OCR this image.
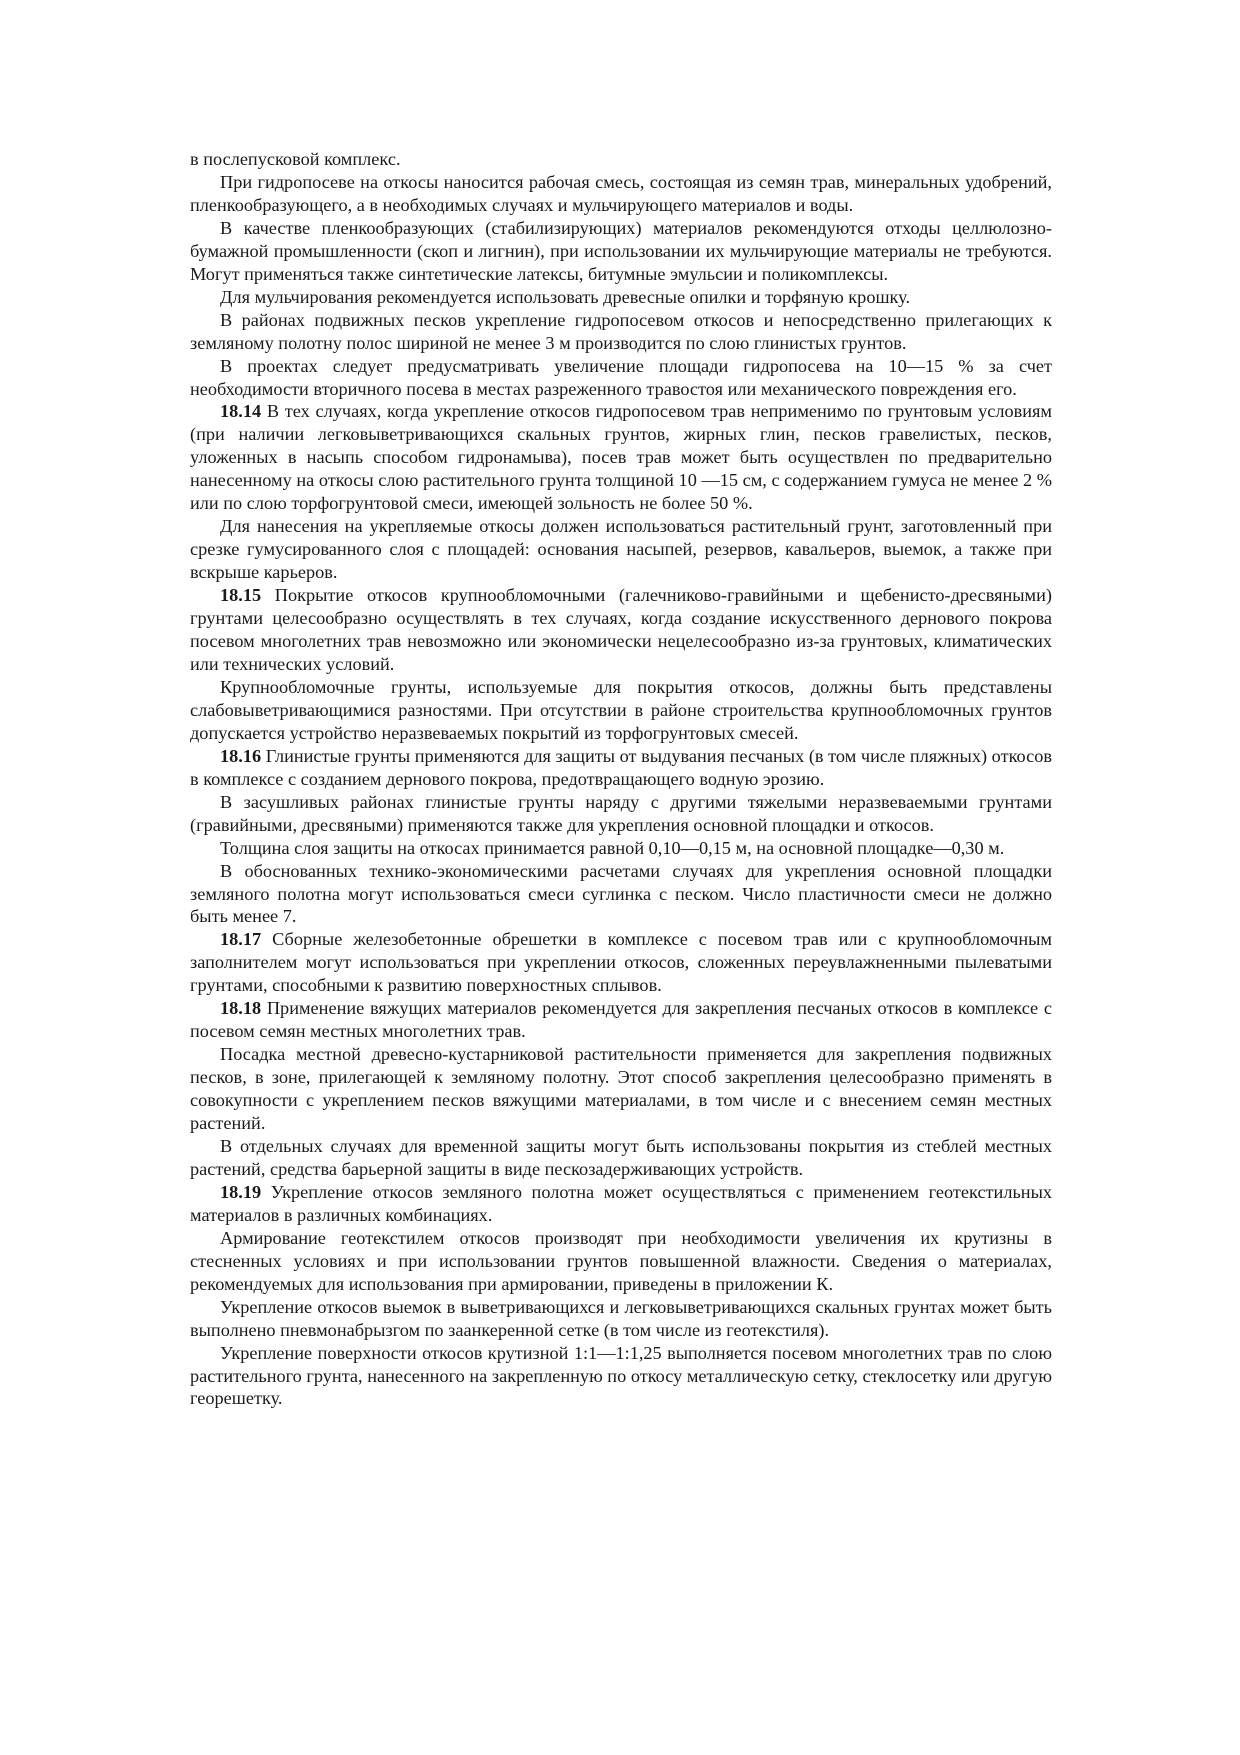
в послепусковой комплекс.

При гидропосеве на откосы наносится рабочая смесь, состоящая из семян трав, минеральных удобрений, пленкообразующего, а в необходимых случаях и мульчирующего материалов и воды.

В качестве пленкообразующих (стабилизирующих) материалов рекомендуются отходы целлюлозно-бумажной промышленности (скоп и лигнин), при использовании их мульчирующие материалы не требуются. Могут применяться также синтетические латексы, битумные эмульсии и поликомплексы.

Для мульчирования рекомендуется использовать древесные опилки и торфяную крошку.

В районах подвижных песков укрепление гидропосевом откосов и непосредственно прилегающих к земляному полотну полос шириной не менее 3 м производится по слою глинистых грунтов.

В проектах следует предусматривать увеличение площади гидропосева на 10—15 % за счет необходимости вторичного посева в местах разреженного травостоя или механического повреждения его.

18.14 В тех случаях, когда укрепление откосов гидропосевом трав неприменимо по грунтовым условиям (при наличии легковыветривающихся скальных грунтов, жирных глин, песков гравелистых, песков, уложенных в насыпь способом гидронамыва), посев трав может быть осуществлен по предварительно нанесенному на откосы слою растительного грунта толщиной 10 —15 см, с содержанием гумуса не менее 2 % или по слою торфогрунтовой смеси, имеющей зольность не более 50 %.

Для нанесения на укрепляемые откосы должен использоваться растительный грунт, заготовленный при срезке гумусированного слоя с площадей: основания насыпей, резервов, кавальеров, выемок, а также при вскрыше карьеров.

18.15 Покрытие откосов крупнообломочными (галечниково-гравийными и щебенисто-дресвяными) грунтами целесообразно осуществлять в тех случаях, когда создание искусственного дернового покрова посевом многолетних трав невозможно или экономически нецелесообразно из-за грунтовых, климатических или технических условий.

Крупнообломочные грунты, используемые для покрытия откосов, должны быть представлены слабовыветривающимися разностями. При отсутствии в районе строительства крупнообломочных грунтов допускается устройство неразвеваемых покрытий из торфогрунтовых смесей.

18.16 Глинистые грунты применяются для защиты от выдувания песчаных (в том числе пляжных) откосов в комплексе с созданием дернового покрова, предотвращающего водную эрозию.

В засушливых районах глинистые грунты наряду с другими тяжелыми неразвеваемыми грунтами (гравийными, дресвяными) применяются также для укрепления основной площадки и откосов.

Толщина слоя защиты на откосах принимается равной 0,10—0,15 м, на основной площадке—0,30 м.

В обоснованных технико-экономическими расчетами случаях для укрепления основной площадки земляного полотна могут использоваться смеси суглинка с песком. Число пластичности смеси не должно быть менее 7.

18.17 Сборные железобетонные обрешетки в комплексе с посевом трав или с крупнообломочным заполнителем могут использоваться при укреплении откосов, сложенных переувлажненными пылеватыми грунтами, способными к развитию поверхностных сплывов.

18.18 Применение вяжущих материалов рекомендуется для закрепления песчаных откосов в комплексе с посевом семян местных многолетних трав.

Посадка местной древесно-кустарниковой растительности применяется для закрепления подвижных песков, в зоне, прилегающей к земляному полотну. Этот способ закрепления целесообразно применять в совокупности с укреплением песков вяжущими материалами, в том числе и с внесением семян местных растений.

В отдельных случаях для временной защиты могут быть использованы покрытия из стеблей местных растений, средства барьерной защиты в виде пескозадерживающих устройств.

18.19 Укрепление откосов земляного полотна может осуществляться с применением геотекстильных материалов в различных комбинациях.

Армирование геотекстилем откосов производят при необходимости увеличения их крутизны в стесненных условиях и при использовании грунтов повышенной влажности. Сведения о материалах, рекомендуемых для использования при армировании, приведены в приложении К.

Укрепление откосов выемок в выветривающихся и легковыветривающихся скальных грунтах может быть выполнено пневмонабрызгом по заанкеренной сетке (в том числе из геотекстиля).

Укрепление поверхности откосов крутизной 1:1—1:1,25 выполняется посевом многолетних трав по слою растительного грунта, нанесенного на закрепленную по откосу металлическую сетку, стеклосетку или другую георешетку.
